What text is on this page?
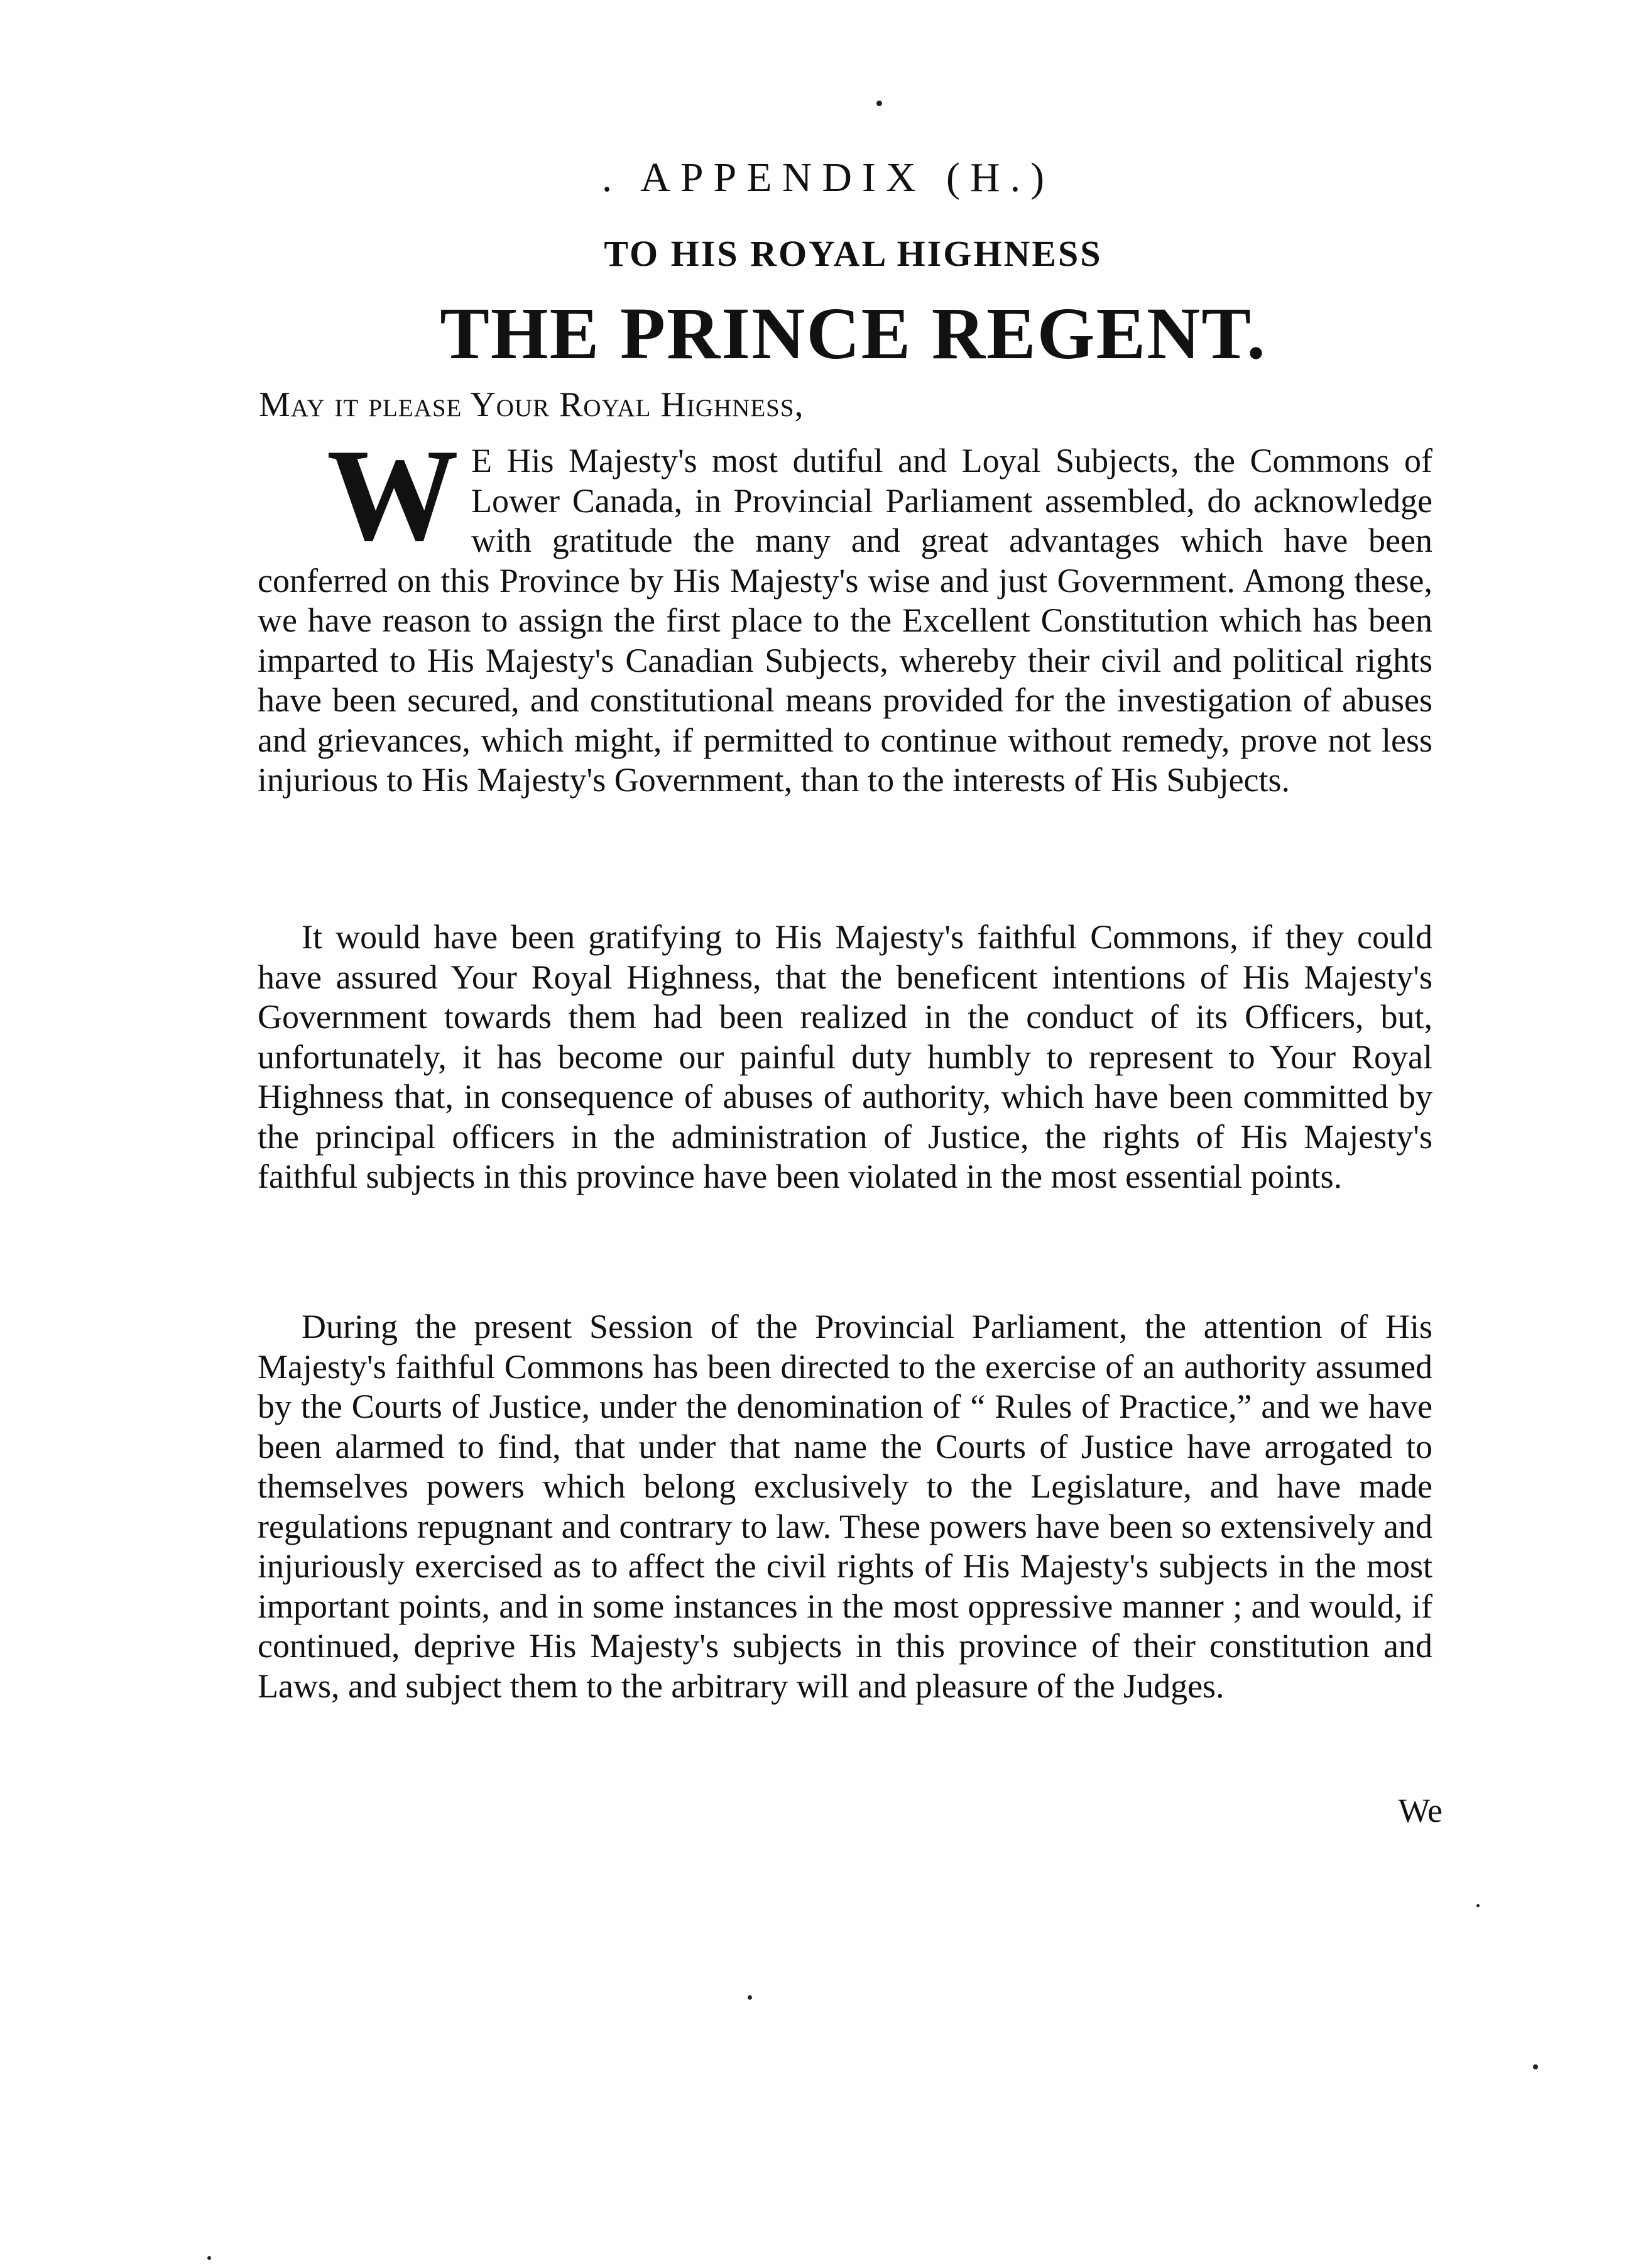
. APPENDIX (H.)
TO HIS ROYAL HIGHNESS
THE PRINCE REGENT.
May it please Your Royal Highness,

W E His Majesty's most dutiful and Loyal Subjects, the Commons of Lower Canada, in Provincial Parliament assembled, do acknowledge with gratitude the many and great advantages which have been conferred on this Province by His Majesty's wise and just Government. Among these, we have reason to assign the first place to the Excellent Constitution which has been imparted to His Majesty's Canadian Subjects, whereby their civil and political rights have been secured, and constitutional means provided for the investigation of abuses and grievances, which might, if permitted to continue without remedy, prove not less injurious to His Majesty's Government, than to the interests of His Subjects.

It would have been gratifying to His Majesty's faithful Commons, if they could have assured Your Royal Highness, that the beneficent intentions of His Majesty's Government towards them had been realized in the conduct of its Officers, but, unfortunately, it has become our painful duty humbly to represent to Your Royal Highness that, in consequence of abuses of authority, which have been committed by the principal officers in the administration of Justice, the rights of His Majesty's faithful subjects in this province have been violated in the most essential points.

During the present Session of the Provincial Parliament, the attention of His Majesty's faithful Commons has been directed to the exercise of an authority assumed by the Courts of Justice, under the denomination of “ Rules of Practice,” and we have been alarmed to find, that under that name the Courts of Justice have arrogated to themselves powers which belong exclusively to the Legislature, and have made regulations repugnant and contrary to law. These powers have been so extensively and injuriously exercised as to affect the civil rights of His Majesty's subjects in the most important points, and in some instances in the most oppressive manner ; and would, if continued, deprive His Majesty's subjects in this province of their constitution and Laws, and subject them to the arbitrary will and pleasure of the Judges.

We
